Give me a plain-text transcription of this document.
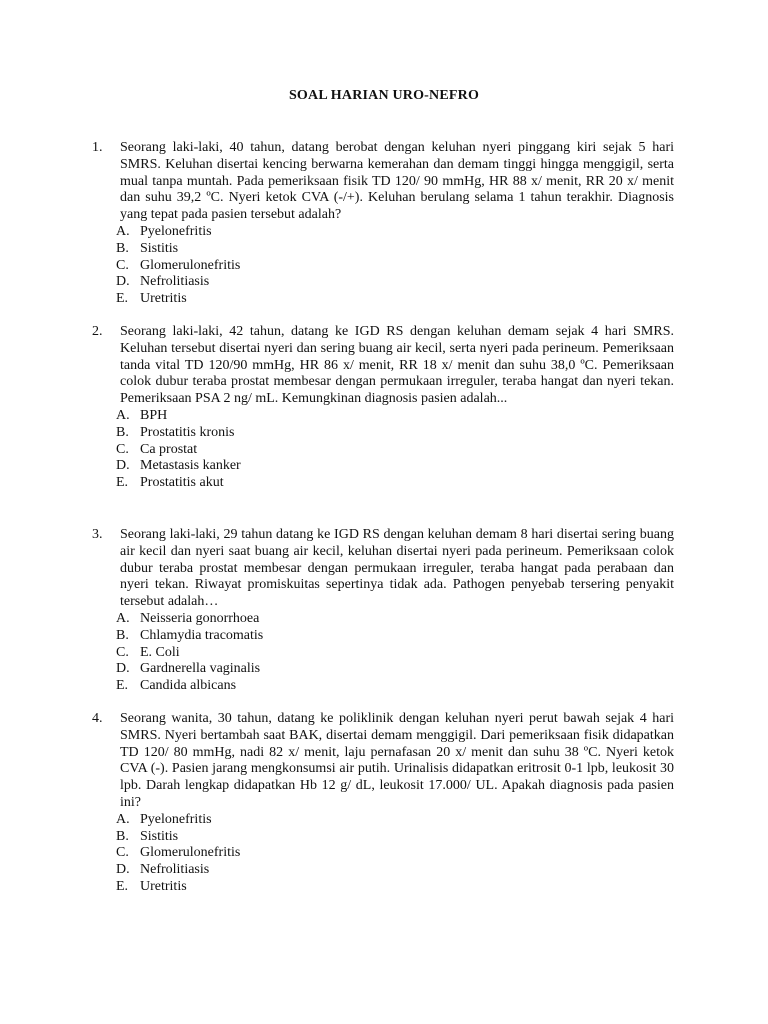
SOAL HARIAN URO-NEFRO
1. Seorang laki-laki, 40 tahun, datang berobat dengan keluhan nyeri pinggang kiri sejak 5 hari SMRS. Keluhan disertai kencing berwarna kemerahan dan demam tinggi hingga menggigil, serta mual tanpa muntah. Pada pemeriksaan fisik TD 120/ 90 mmHg, HR 88 x/ menit, RR 20 x/ menit dan suhu 39,2 ºC. Nyeri ketok CVA (-/+). Keluhan berulang selama 1 tahun terakhir. Diagnosis yang tepat pada pasien tersebut adalah?
A. Pyelonefritis
B. Sistitis
C. Glomerulonefritis
D. Nefrolitiasis
E. Uretritis
2. Seorang laki-laki, 42 tahun, datang ke IGD RS dengan keluhan demam sejak 4 hari SMRS. Keluhan tersebut disertai nyeri dan sering buang air kecil, serta nyeri pada perineum. Pemeriksaan tanda vital TD 120/90 mmHg, HR 86 x/ menit, RR 18 x/ menit dan suhu 38,0 ºC. Pemeriksaan colok dubur teraba prostat membesar dengan permukaan irreguler, teraba hangat dan nyeri tekan. Pemeriksaan PSA 2 ng/ mL. Kemungkinan diagnosis pasien adalah...
A. BPH
B. Prostatitis kronis
C. Ca prostat
D. Metastasis kanker
E. Prostatitis akut
3. Seorang laki-laki, 29 tahun datang ke IGD RS dengan keluhan demam 8 hari disertai sering buang air kecil dan nyeri saat buang air kecil, keluhan disertai nyeri pada perineum. Pemeriksaan colok dubur teraba prostat membesar dengan permukaan irreguler, teraba hangat pada perabaan dan nyeri tekan. Riwayat promiskuitas sepertinya tidak ada. Pathogen penyebab tersering penyakit tersebut adalah…
A. Neisseria gonorrhoea
B. Chlamydia tracomatis
C. E. Coli
D. Gardnerella vaginalis
E. Candida albicans
4. Seorang wanita, 30 tahun, datang ke poliklinik dengan keluhan nyeri perut bawah sejak 4 hari SMRS. Nyeri bertambah saat BAK, disertai demam menggigil. Dari pemeriksaan fisik didapatkan TD 120/ 80 mmHg, nadi 82 x/ menit, laju pernafasan 20 x/ menit dan suhu 38 ºC. Nyeri ketok CVA (-). Pasien jarang mengkonsumsi air putih. Urinalisis didapatkan eritrosit 0-1 lpb, leukosit 30 lpb. Darah lengkap didapatkan Hb 12 g/ dL, leukosit 17.000/ UL. Apakah diagnosis pada pasien ini?
A. Pyelonefritis
B. Sistitis
C. Glomerulonefritis
D. Nefrolitiasis
E. Uretritis
